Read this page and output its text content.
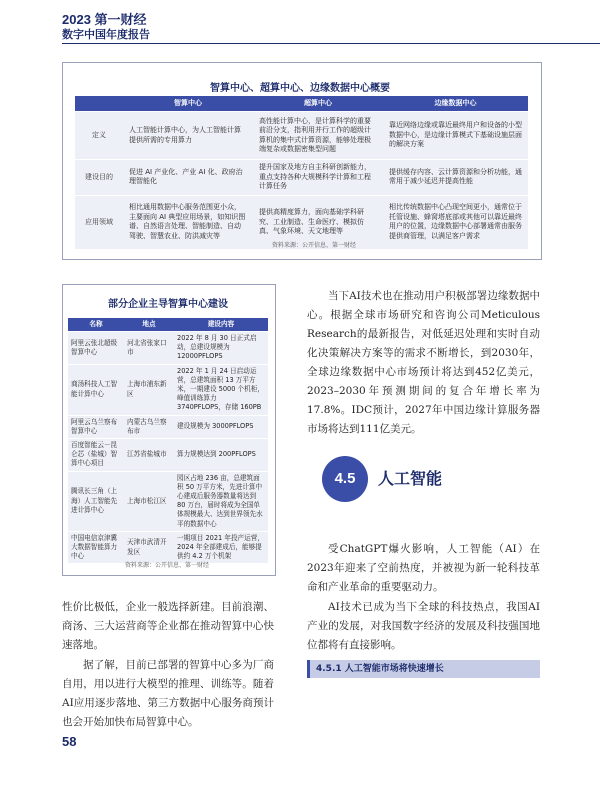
2023 第一财经
数字中国年度报告
智算中心、超算中心、边缘数据中心概要
	智算中心	超算中心	边缘数据中心
定义	人工智能计算中心，为人工智能计算提供所需的专用算力	高性能计算中心，是计算科学的重要前沿分支，指利用并行工作的超级计算机的集中式计算资源，能够处理极端复杂或数据密集型问题	靠近网络边缘或靠近最终用户和设备的小型数据中心，是边缘计算模式下基础设施层面的解决方案
建设目的	促进 AI 产业化、产业 AI 化、政府治理智能化	提升国家及地方自主科研创新能力，重点支持各种大规模科学计算和工程计算任务	提供缓存内容、云计算资源和分析功能，通常用于减少延迟并提高性能
应用领域	相比通用数据中心服务范围更小众，主要面向 AI 典型应用场景，如知识图谱、自然语言处理、智能制造、自动驾驶、智慧农业、防洪减灾等	提供高精度算力，面向基础学科研究、工业制造、生命医疗、模拟仿真、气象环境、天文地理等	相比传统数据中心凸现空间更小，通常位于托管设施、蜂窝塔底部或其他可以靠近最终用户的位置，边缘数据中心部署通常由服务提供商管理，以满足客户需求
资料来源：公开信息、第一财经
部分企业主导智算中心建设
名称	地点	建设内容
阿里云张北超级智算中心	河北省张家口市	2022 年 8 月 30 日正式启动，总建设规模为 12000PFLOPS
商汤科技人工智能计算中心	上海市浦东新区	2022 年 1 月 24 日启动运营，总建筑面积 13 万平方米，一期建设 5000 个机柜，峰值训练算力 3740PFLOPS，存储 160PB
阿里云乌兰察布智算中心	内蒙古乌兰察布市	建设规模为 3000PFLOPS
百度智能云－昆仑芯（盐城）智算中心项目	江苏省盐城市	算力规模达到 200PFLOPS
腾讯长三角（上海）人工智能先进计算中心	上海市松江区	园区占地 236 亩，总建筑面积 50 万平方米，先进计算中心建成后服务器数量将达到 80 万台，届时将成为全国单体规模最大、达到世界领先水平的数据中心
中国电信京津冀大数据智能算力中心	天津市武清开发区	一期项目 2021 年投产运营，2024 年全部建成后，能够提供约 4.2 万个机架
资料来源：公开信息、第一财经

当下AI技术也在推动用户积极部署边缘数据中心。根据全球市场研究和咨询公司Meticulous Research的最新报告，对低延迟处理和实时自动化决策解决方案等的需求不断增长，到2030年，全球边缘数据中心市场预计将达到452亿美元，2023–2030年预测期间的复合年增长率为17.8%。IDC预计，2027年中国边缘计算服务器市场将达到111亿美元。

4.5	人工智能

受ChatGPT爆火影响，人工智能（AI）在2023年迎来了空前热度，并被视为新一轮科技革命和产业革命的重要驱动力。

AI技术已成为当下全球的科技热点，我国AI产业的发展，对我国数字经济的发展及科技强国地位都将有直接影响。

4.5.1 人工智能市场将快速增长

性价比极低，企业一般选择新建。目前浪潮、商汤、三大运营商等企业都在推动智算中心快速落地。

据了解，目前已部署的智算中心多为厂商自用，用以进行大模型的推理、训练等。随着AI应用逐步落地、第三方数据中心服务商预计也会开始加快布局智算中心。

58
